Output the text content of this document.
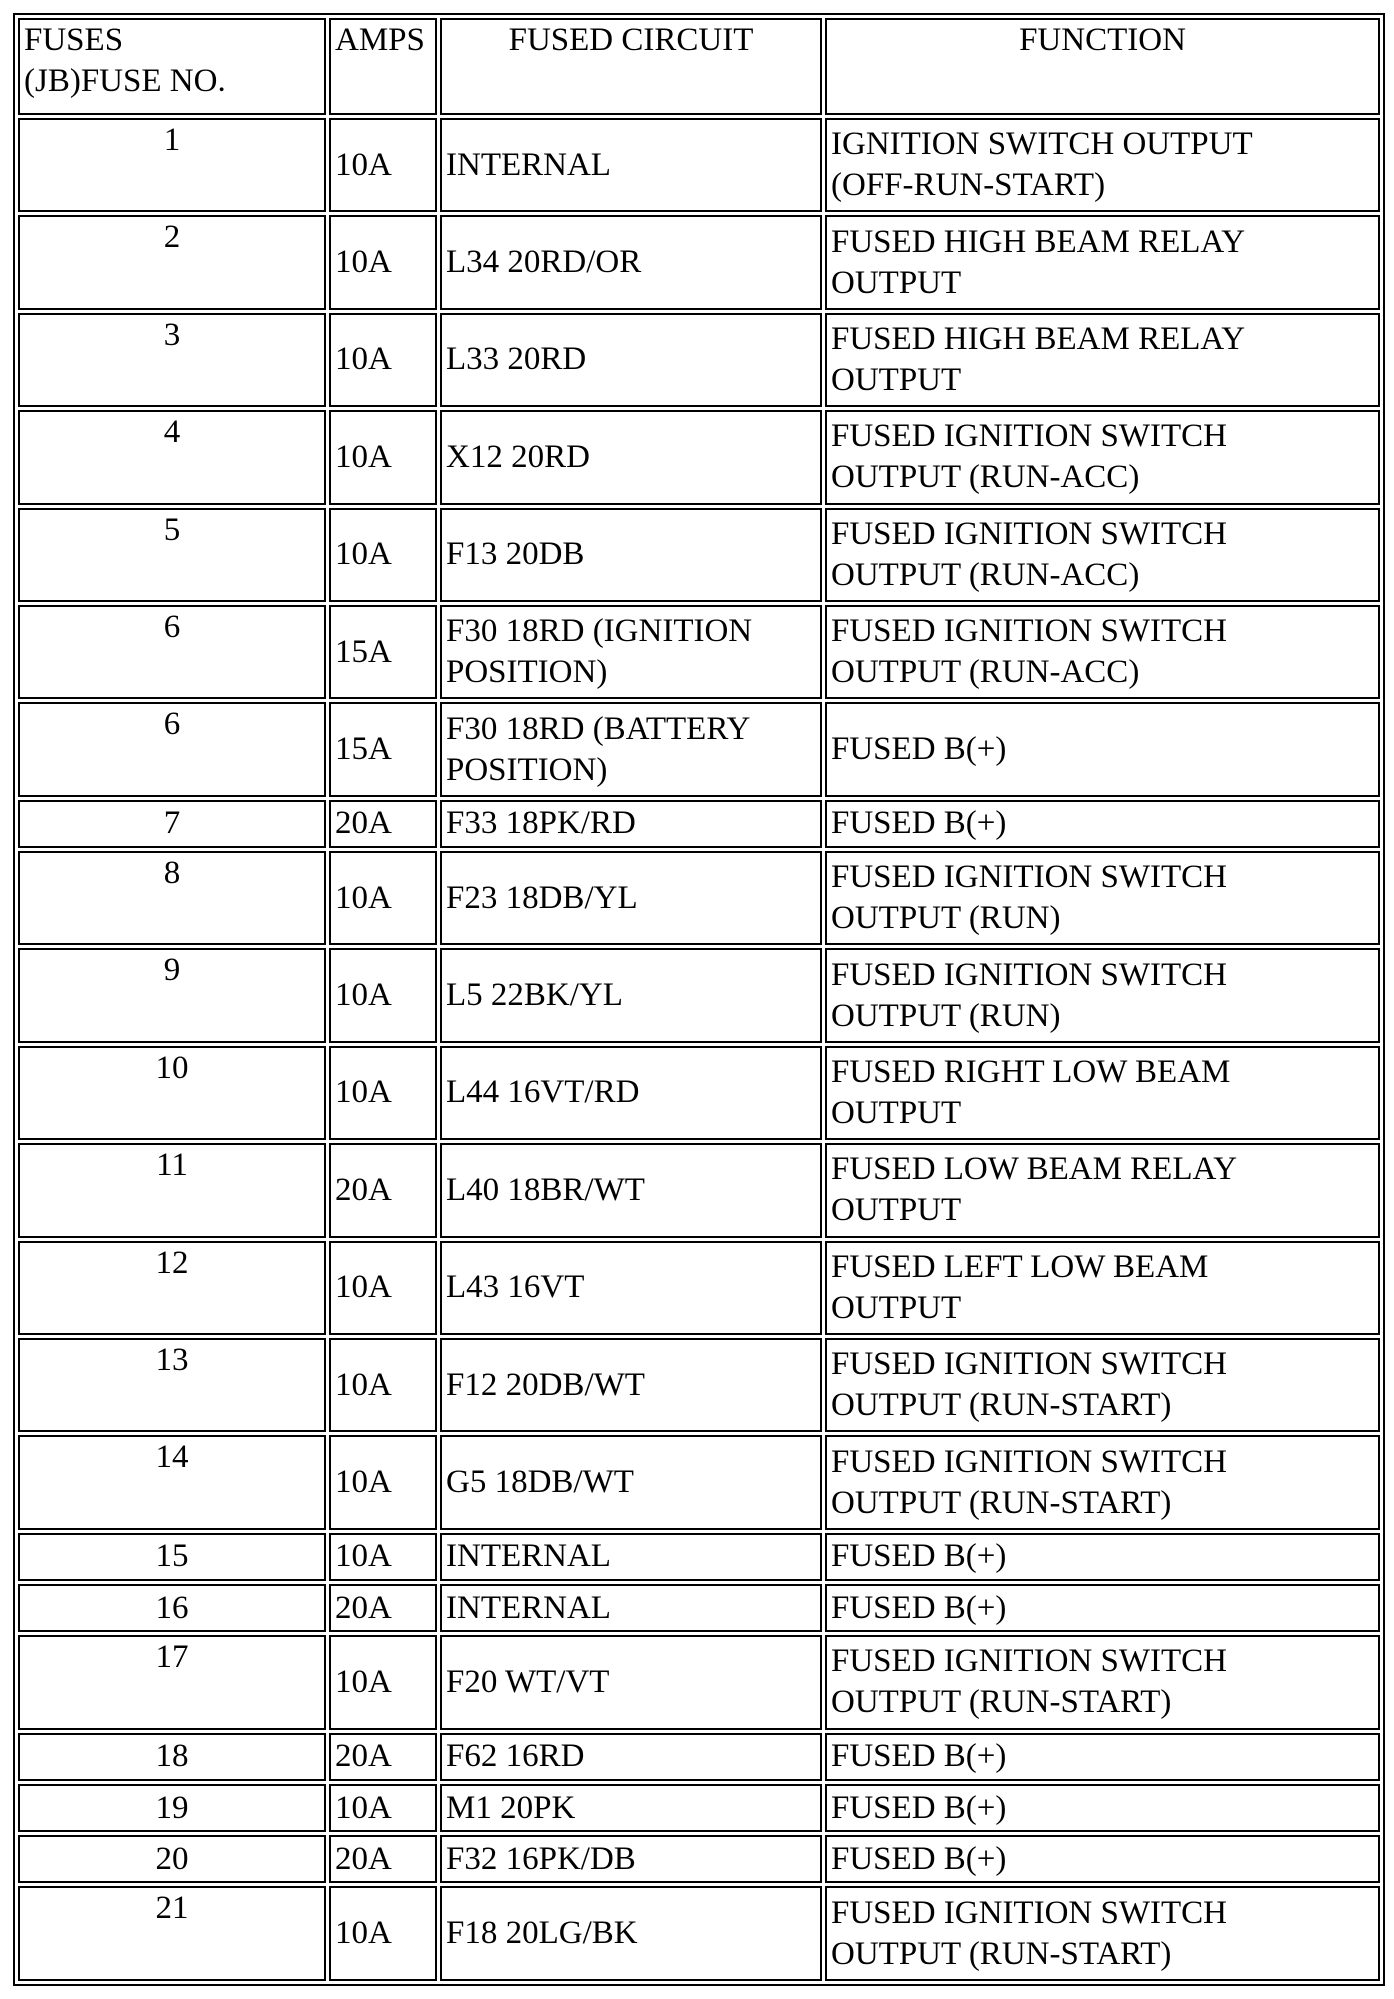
FUSES
(JB)FUSE NO.	AMPS	FUSED CIRCUIT	FUNCTION
1	10A	INTERNAL	IGNITION SWITCH OUTPUT
(OFF-RUN-START)

2	10A	L34 20RD/OR	FUSED HIGH BEAM RELAY
OUTPUT

3	10A	L33 20RD	FUSED HIGH BEAM RELAY
OUTPUT

4	10A	X12 20RD	FUSED IGNITION SWITCH
OUTPUT (RUN-ACC)

5	10A	F13 20DB	FUSED IGNITION SWITCH
OUTPUT (RUN-ACC)

6	15A	F30 18RD (IGNITION
POSITION)	FUSED IGNITION SWITCH
OUTPUT (RUN-ACC)

6	15A	F30 18RD (BATTERY
POSITION)	FUSED B(+)

7	20A	F33 18PK/RD	FUSED B(+)

8	10A	F23 18DB/YL	FUSED IGNITION SWITCH
OUTPUT (RUN)

9	10A	L5 22BK/YL	FUSED IGNITION SWITCH
OUTPUT (RUN)

10	10A	L44 16VT/RD	FUSED RIGHT LOW BEAM
OUTPUT

11	20A	L40 18BR/WT	FUSED LOW BEAM RELAY
OUTPUT

12	10A	L43 16VT	FUSED LEFT LOW BEAM
OUTPUT

13	10A	F12 20DB/WT	FUSED IGNITION SWITCH
OUTPUT (RUN-START)

14	10A	G5 18DB/WT	FUSED IGNITION SWITCH
OUTPUT (RUN-START)

15	10A	INTERNAL	FUSED B(+)

16	20A	INTERNAL	FUSED B(+)

17	10A	F20 WT/VT	FUSED IGNITION SWITCH
OUTPUT (RUN-START)

18	20A	F62 16RD	FUSED B(+)

19	10A	M1 20PK	FUSED B(+)

20	20A	F32 16PK/DB	FUSED B(+)

21	10A	F18 20LG/BK	FUSED IGNITION SWITCH
OUTPUT (RUN-START)
